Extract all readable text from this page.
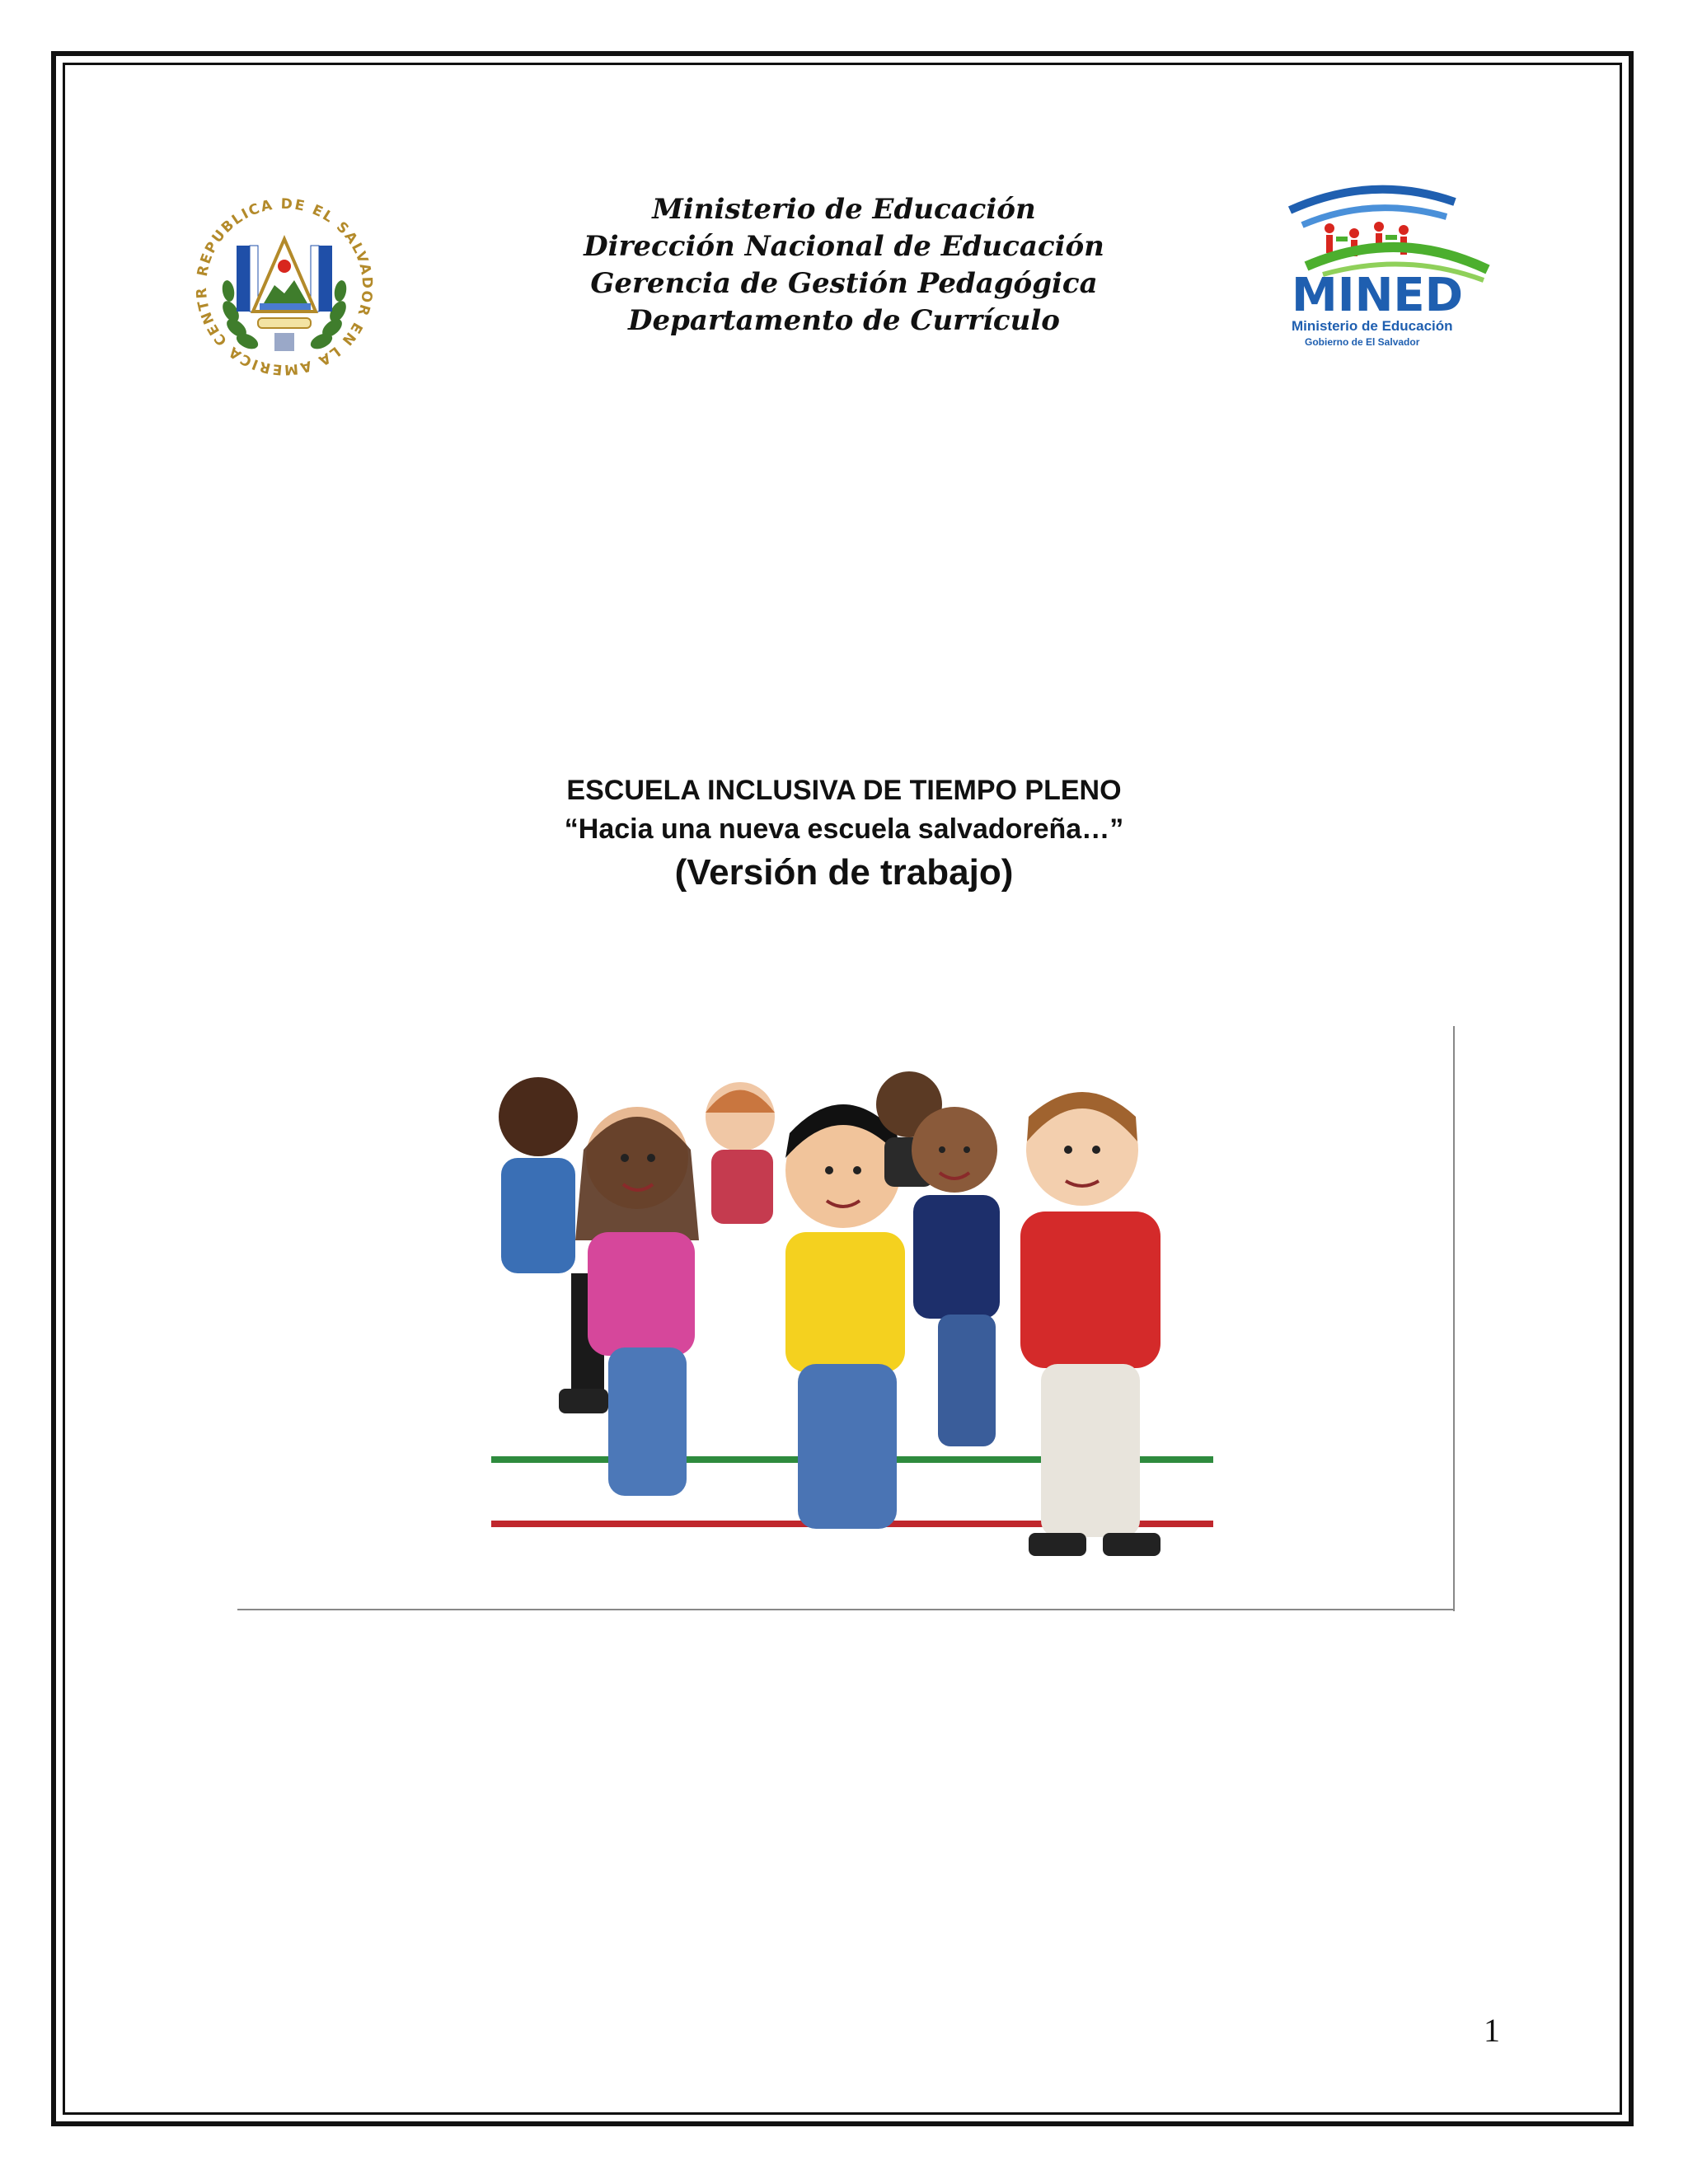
REPUBLICA DE EL SALVADOR EN LA AMERICA CENTR
Ministerio de Educación
Dirección Nacional de Educación
Gerencia de Gestión Pedagógica
Departamento de Currículo	MINED
Ministerio de Educación
Gobierno de El Salvador
ESCUELA INCLUSIVA DE TIEMPO PLENO
“Hacia una nueva escuela salvadoreña…”
(Versión de trabajo)
1
